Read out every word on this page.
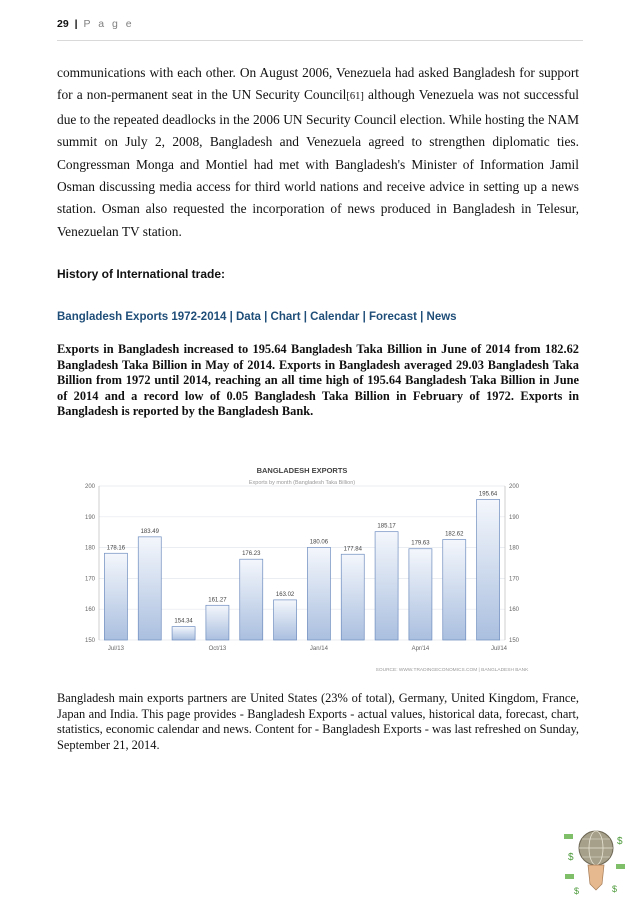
29 | P a g e

communications with each other. On August 2006, Venezuela had asked Bangladesh for support for a non-permanent seat in the UN Security Council[61] although Venezuela was not successful due to the repeated deadlocks in the 2006 UN Security Council election. While hosting the NAM summit on July 2, 2008, Bangladesh and Venezuela agreed to strengthen diplomatic ties. Congressman Monga and Montiel had met with Bangladesh's Minister of Information Jamil Osman discussing media access for third world nations and receive advice in setting up a news station. Osman also requested the incorporation of news produced in Bangladesh in Telesur, Venezuelan TV station.

History of International trade:
Bangladesh Exports 1972-2014 | Data | Chart | Calendar | Forecast | News

Exports in Bangladesh increased to 195.64 Bangladesh Taka Billion in June of 2014 from 182.62 Bangladesh Taka Billion in May of 2014. Exports in Bangladesh averaged 29.03 Bangladesh Taka Billion from 1972 until 2014, reaching an all time high of 195.64 Bangladesh Taka Billion in June of 2014 and a record low of 0.05 Bangladesh Taka Billion in February of 1972. Exports in Bangladesh is reported by the Bangladesh Bank.

BANGLADESH EXPORTS
Exports by month (Bangladesh Taka Billion)
178.16
183.49
154.34
161.27
176.23
163.02
180.06
177.84
185.17
179.63
182.62
195.64
150	150
160	160
170	170
180	180
190	190
200	200
Jul/13	Oct/13	Jan/14	Apr/14	Jul/14
SOURCE: WWW.TRADINGECONOMICS.COM | BANGLADESH BANK

Bangladesh main exports partners are United States (23% of total), Germany, United Kingdom, France, Japan and India. This page provides - Bangladesh Exports - actual values, historical data, forecast, chart, statistics, economic calendar and news. Content for - Bangladesh Exports - was last refreshed on Sunday, September 21, 2014.

$
$
$
$
